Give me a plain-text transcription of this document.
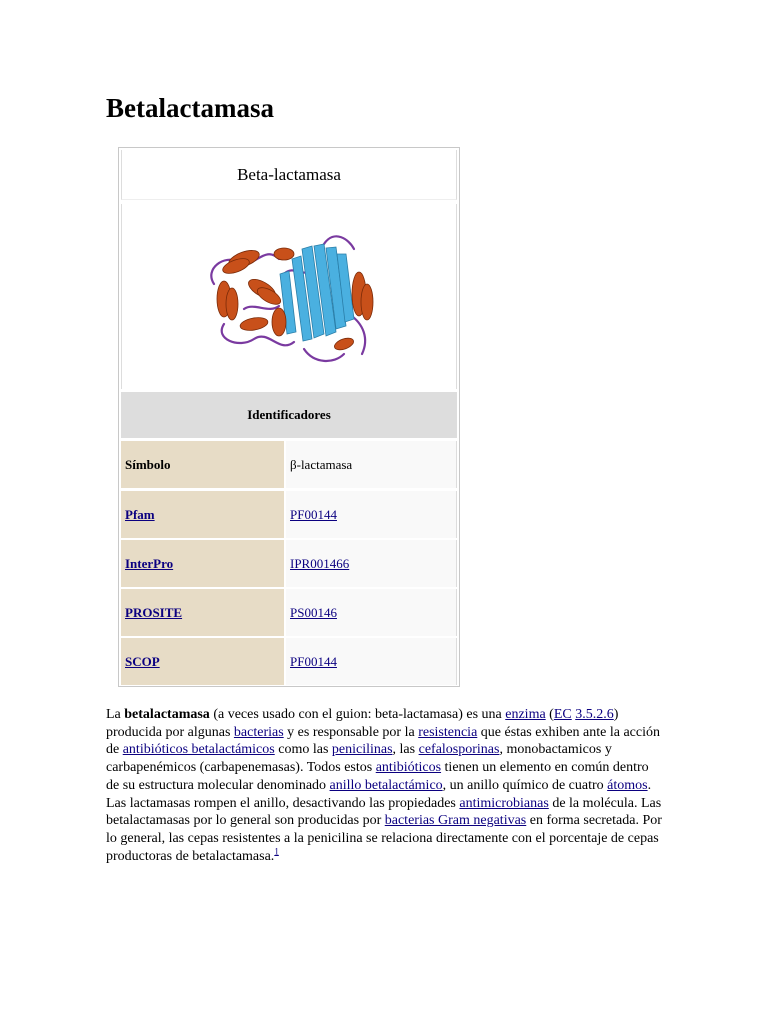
Betalactamasa
Beta-lactamasa
Identificadores
Símbolo	β-lactamasa
Pfam	PF00144
InterPro	IPR001466
PROSITE	PS00146
SCOP	PF00144

La betalactamasa (a veces usado con el guion: beta-lactamasa) es una enzima (EC 3.5.2.6) producida por algunas bacterias y es responsable por la resistencia que éstas exhiben ante la acción de antibióticos betalactámicos como las penicilinas, las cefalosporinas, monobactamicos y carbapenémicos (carbapenemasas). Todos estos antibióticos tienen un elemento en común dentro de su estructura molecular denominado anillo betalactámico, un anillo químico de cuatro átomos. Las lactamasas rompen el anillo, desactivando las propiedades antimicrobianas de la molécula. Las betalactamasas por lo general son producidas por bacterias Gram negativas en forma secretada. Por lo general, las cepas resistentes a la penicilina se relaciona directamente con el porcentaje de cepas productoras de betalactamasa.$^1$
